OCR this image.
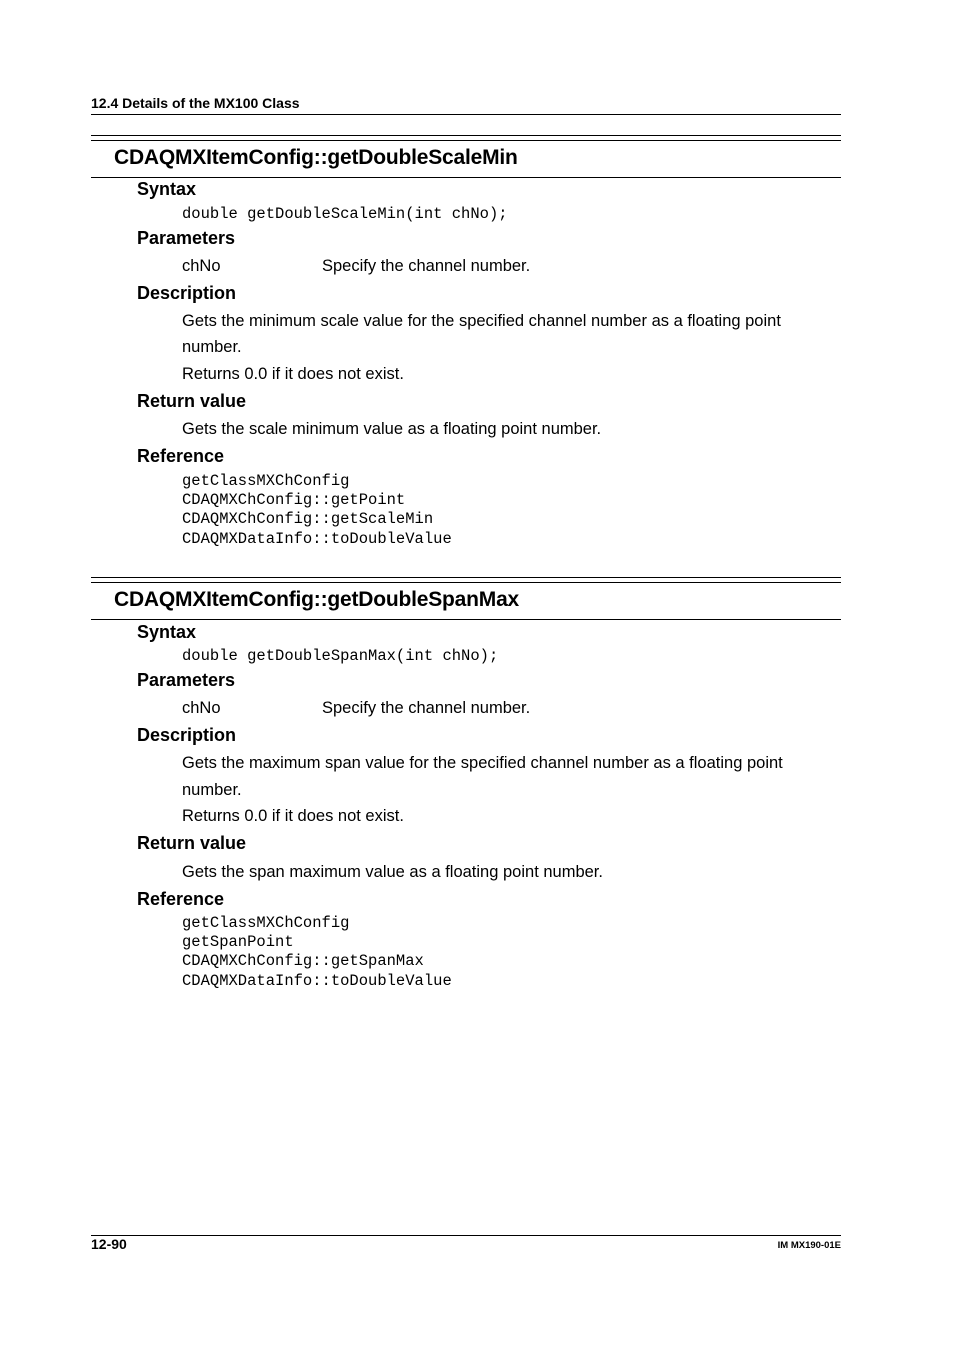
12.4 Details of the MX100 Class
CDAQMXItemConfig::getDoubleScaleMin
Syntax
double getDoubleScaleMin(int chNo);
Parameters
chNo	Specify the channel number.
Description
Gets the minimum scale value for the specified channel number as a floating point
number.
Returns 0.0 if it does not exist.
Return value
Gets the scale minimum value as a floating point number.
Reference
getClassMXChConfig
CDAQMXChConfig::getPoint
CDAQMXChConfig::getScaleMin
CDAQMXDataInfo::toDoubleValue
CDAQMXItemConfig::getDoubleSpanMax
Syntax
double getDoubleSpanMax(int chNo);
Parameters
chNo	Specify the channel number.
Description
Gets the maximum span value for the specified channel number as a floating point
number.
Returns 0.0 if it does not exist.
Return value
Gets the span maximum value as a floating point number.
Reference
getClassMXChConfig
getSpanPoint
CDAQMXChConfig::getSpanMax
CDAQMXDataInfo::toDoubleValue
12-90	IM MX190-01E
